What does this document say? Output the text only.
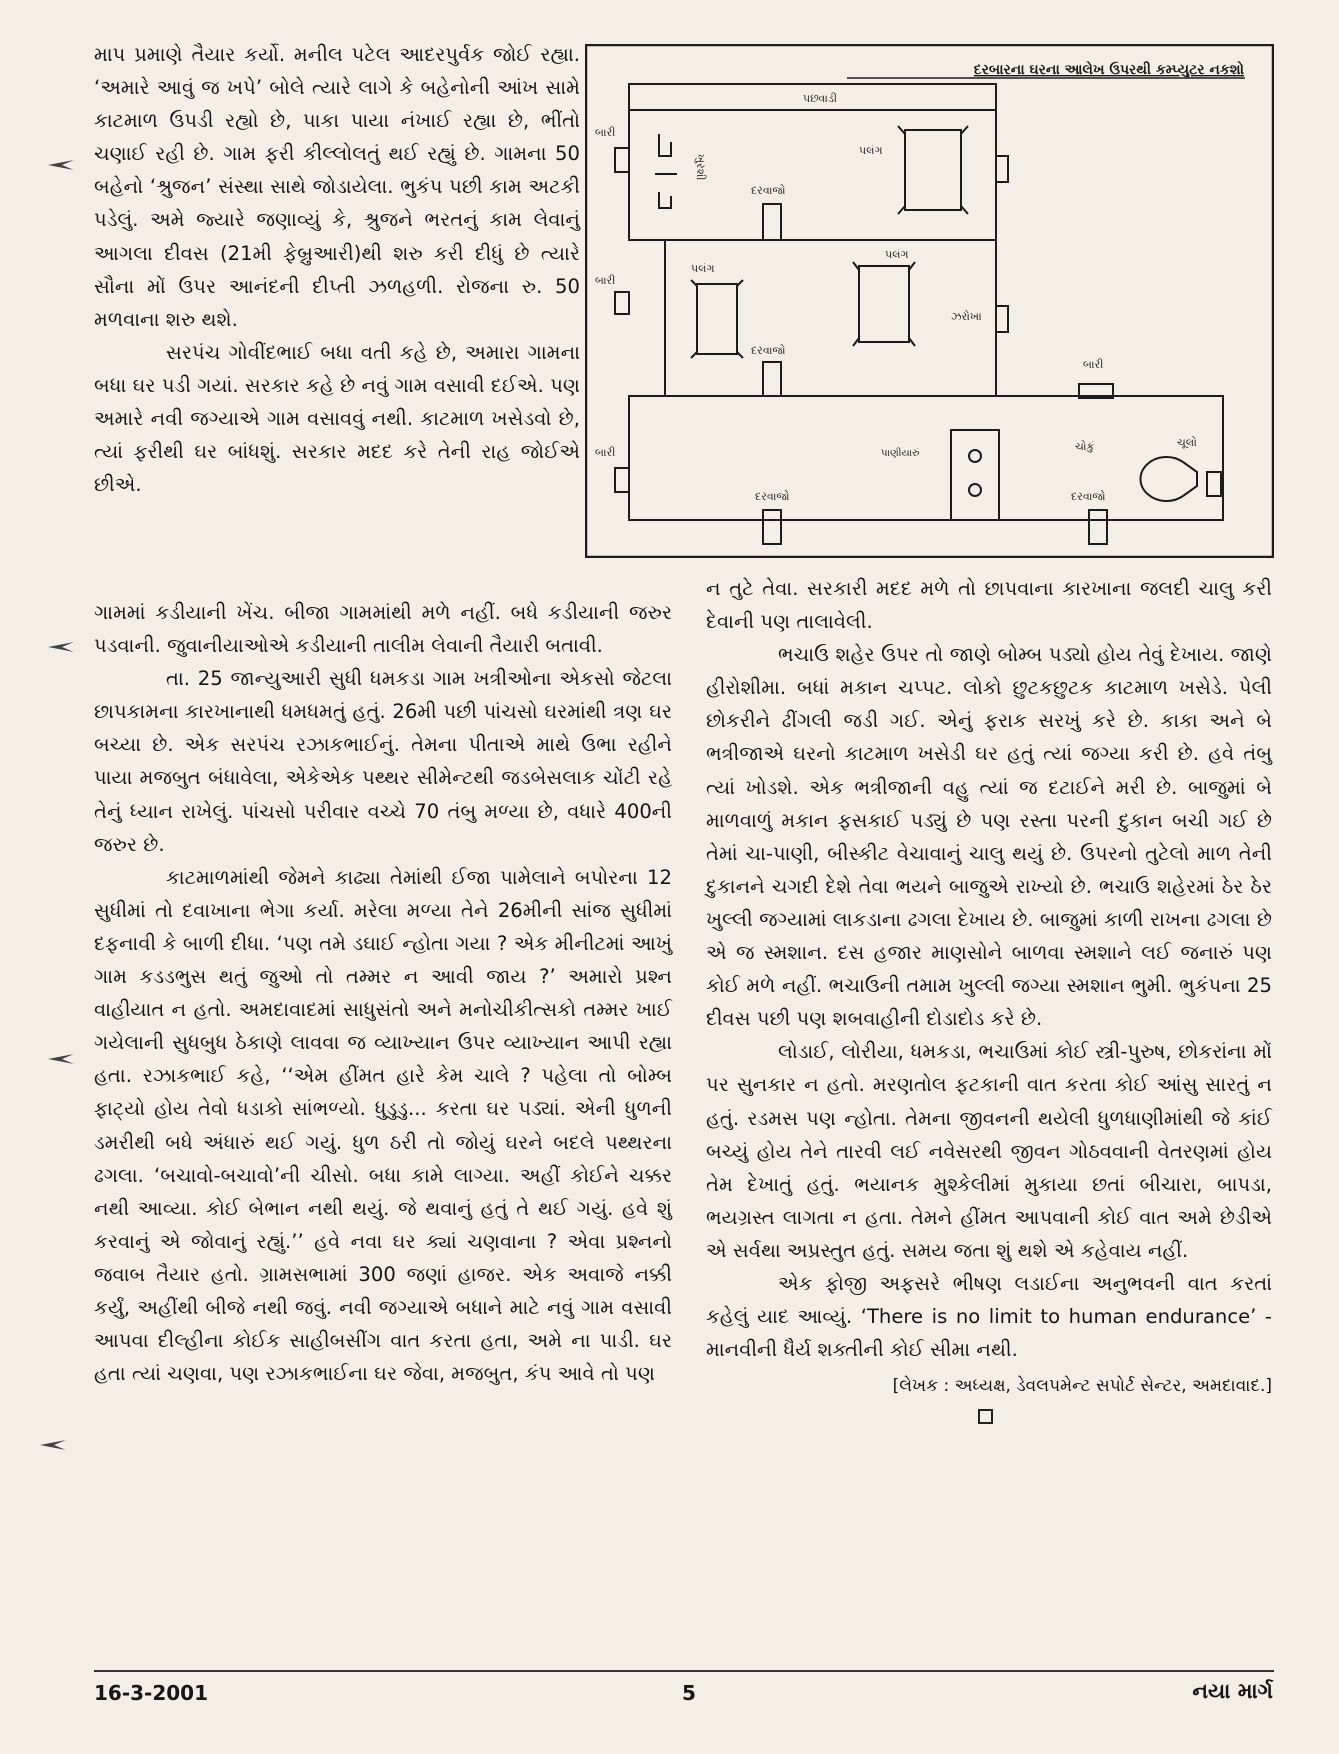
માપ પ્રમાણે તૈયાર કર્યો. મનીલ પટેલ આદરપુર્વક જોઈ રહ્યા. ‘અમારે આવું જ ખપે’ બોલે ત્યારે લાગે કે બહેનોની આંખ સામે કાટમાળ ઉપડી રહ્યો છે, પાકા પાયા નંખાઈ રહ્યા છે, ભીંતો ચણાઈ રહી છે. ગામ ફરી કીલ્લોલતું થઈ રહ્યું છે. ગામના 50 બહેનો ‘શ્રુજન’ સંસ્થા સાથે જોડાયેલા. ભુકંપ પછી કામ અટકી પડેલું. અમે જ્યારે જણાવ્યું કે, શ્રુજને ભરતનું કામ લેવાનું આગલા દીવસ (21મી ફેબ્રુઆરી)થી શરુ કરી દીધું છે ત્યારે સૌના મોં ઉપર આનંદની દીપ્તી ઝળહળી. રોજના રુ. 50 મળવાના શરુ થશે.

સરપંચ ગોવીંદભાઈ બધા વતી કહે છે, અમારા ગામના બધા ઘર પડી ગયાં. સરકાર કહે છે નવું ગામ વસાવી દઈએ. પણ અમારે નવી જગ્યાએ ગામ વસાવવું નથી. કાટમાળ ખસેડવો છે, ત્યાં ફરીથી ઘર બાંધશું. સરકાર મદદ કરે તેની રાહ જોઈએ છીએ.

દરબારના ઘરના આલેખ ઉપરથી કમ્પ્યુટર નકશો
પછ્વાડી
બારી
ખુરશી
પલંગ
દરવાજો
બારી
ઝરોખા
પલંગ
પલંગ
દરવાજો
બારી
બારી
દરવાજો
પાણીયારું
ચોકું
દરવાજો
ચૂલો

ગામમાં કડીયાની ખેંચ. બીજા ગામમાંથી મળે નહીં. બધે કડીયાની જરુર પડવાની. જુવાનીયાઓએ કડીયાની તાલીમ લેવાની તૈયારી બતાવી.

તા. 25 જાન્યુઆરી સુધી ધમકડા ગામ ખત્રીઓના એકસો જેટલા છાપકામના કારખાનાથી ધમધમતું હતું. 26મી પછી પાંચસો ઘરમાંથી ત્રણ ઘર બચ્યા છે. એક સરપંચ રઝાકભાઈનું. તેમના પીતાએ માથે ઉભા રહીને પાયા મજબુત બંધાવેલા, એકેએક પથ્થર સીમેન્ટથી જડબેસલાક ચોંટી રહે તેનું ધ્યાન રાખેલું. પાંચસો પરીવાર વચ્ચે 70 તંબુ મળ્યા છે, વધારે 400ની જરુર છે.

કાટમાળમાંથી જેમને કાઢ્યા તેમાંથી ઈજા પામેલાને બપોરના 12 સુધીમાં તો દવાખાના ભેગા કર્યા. મરેલા મળ્યા તેને 26મીની સાંજ સુધીમાં દફનાવી કે બાળી દીધા. ‘પણ તમે ડઘાઈ ન્હોતા ગયા ? એક મીનીટમાં આખું ગામ કડડભુસ થતું જુઓ તો તમ્મર ન આવી જાય ?’ અમારો પ્રશ્ન વાહીયાત ન હતો. અમદાવાદમાં સાધુસંતો અને મનોચીકીત્સકો તમ્મર ખાઈ ગયેલાની સુધબુધ ઠેકાણે લાવવા જ વ્યાખ્યાન ઉપર વ્યાખ્યાન આપી રહ્યા હતા. રઝાકભાઈ કહે, ‘‘એમ હીંમત હારે કેમ ચાલે ? પહેલા તો બોમ્બ ફાટ્યો હોય તેવો ધડાકો સાંભળ્યો. ધુડુડુ... કરતા ઘર પડ્યાં. એની ધુળની ડમરીથી બધે અંધારું થઈ ગયું. ધુળ ઠરી તો જોયું ઘરને બદલે પથ્થરના ઢગલા. ‘બચાવો-બચાવો’ની ચીસો. બધા કામે લાગ્યા. અહીં કોઈને ચક્કર નથી આવ્યા. કોઈ બેભાન નથી થયું. જે થવાનું હતું તે થઈ ગયું. હવે શું કરવાનું એ જોવાનું રહ્યું.’’ હવે નવા ઘર ક્યાં ચણવાના ? એવા પ્રશ્નનો જવાબ તૈયાર હતો. ગ્રામસભામાં 300 જણાં હાજર. એક અવાજે નક્કી કર્યું, અહીંથી બીજે નથી જવું. નવી જગ્યાએ બધાને માટે નવું ગામ વસાવી આપવા દીલ્હીના કોઈક સાહીબસીંગ વાત કરતા હતા, અમે ના પાડી. ઘર હતા ત્યાં ચણવા, પણ રઝાકભાઈના ઘર જેવા, મજબુત, કંપ આવે તો પણ

ન તુટે તેવા. સરકારી મદદ મળે તો છાપવાના કારખાના જલદી ચાલુ કરી દેવાની પણ તાલાવેલી.

ભચાઉ શહેર ઉપર તો જાણે બોમ્બ પડ્યો હોય તેવું દેખાય. જાણે હીરોશીમા. બધાં મકાન ચપ્પટ. લોકો છુટકછુટક કાટમાળ ખસેડે. પેલી છોકરીને ઢીંગલી જડી ગઈ. એનું ફરાક સરખું કરે છે. કાકા અને બે ભત્રીજાએ ઘરનો કાટમાળ ખસેડી ઘર હતું ત્યાં જગ્યા કરી છે. હવે તંબુ ત્યાં ખોડશે. એક ભત્રીજાની વહુ ત્યાં જ દટાઈને મરી છે. બાજુમાં બે માળવાળું મકાન ફસકાઈ પડ્યું છે પણ રસ્તા પરની દુકાન બચી ગઈ છે તેમાં ચા-પાણી, બીસ્કીટ વેચાવાનું ચાલુ થયું છે. ઉપરનો તુટેલો માળ તેની દુકાનને ચગદી દેશે તેવા ભયને બાજુએ રાખ્યો છે. ભચાઉ શહેરમાં ઠેર ઠેર ખુલ્લી જગ્યામાં લાકડાના ઢગલા દેખાય છે. બાજુમાં કાળી રાખના ઢગલા છે એ જ સ્મશાન. દસ હજાર માણસોને બાળવા સ્મશાને લઈ જનારું પણ કોઈ મળે નહીં. ભચાઉની તમામ ખુલ્લી જગ્યા સ્મશાન ભુમી. ભુકંપના 25 દીવસ પછી પણ શબવાહીની દોડાદોડ કરે છે.

લોડાઈ, લોરીયા, ધમકડા, ભચાઉમાં કોઈ સ્ત્રી-પુરુષ, છોકરાંના મોં પર સુનકાર ન હતો. મરણતોલ ફટકાની વાત કરતા કોઈ આંસુ સારતું ન હતું. રડમસ પણ ન્હોતા. તેમના જીવનની થયેલી ધુળધાણીમાંથી જે કાંઈ બચ્યું હોય તેને તારવી લઈ નવેસરથી જીવન ગોઠવવાની વેતરણમાં હોય તેમ દેખાતું હતું. ભયાનક મુશ્કેલીમાં મુકાયા છતાં બીચારા, બાપડા, ભયગ્રસ્ત લાગતા ન હતા. તેમને હીંમત આપવાની કોઈ વાત અમે છેડીએ એ સર્વથા અપ્રસ્તુત હતું. સમય જતા શું થશે એ કહેવાય નહીં.

એક ફોજી અફસરે ભીષણ લડાઈના અનુભવની વાત કરતાં કહેલું યાદ આવ્યું. ‘There is no limit to human endurance’ - માનવીની ધૈર્ય શક્તીની કોઈ સીમા નથી.

[લેખક : અધ્યક્ષ, ડેવલપમેન્ટ સપોર્ટ સેન્ટર, અમદાવાદ.]

16-3-2001	5	નયા માર્ગ
